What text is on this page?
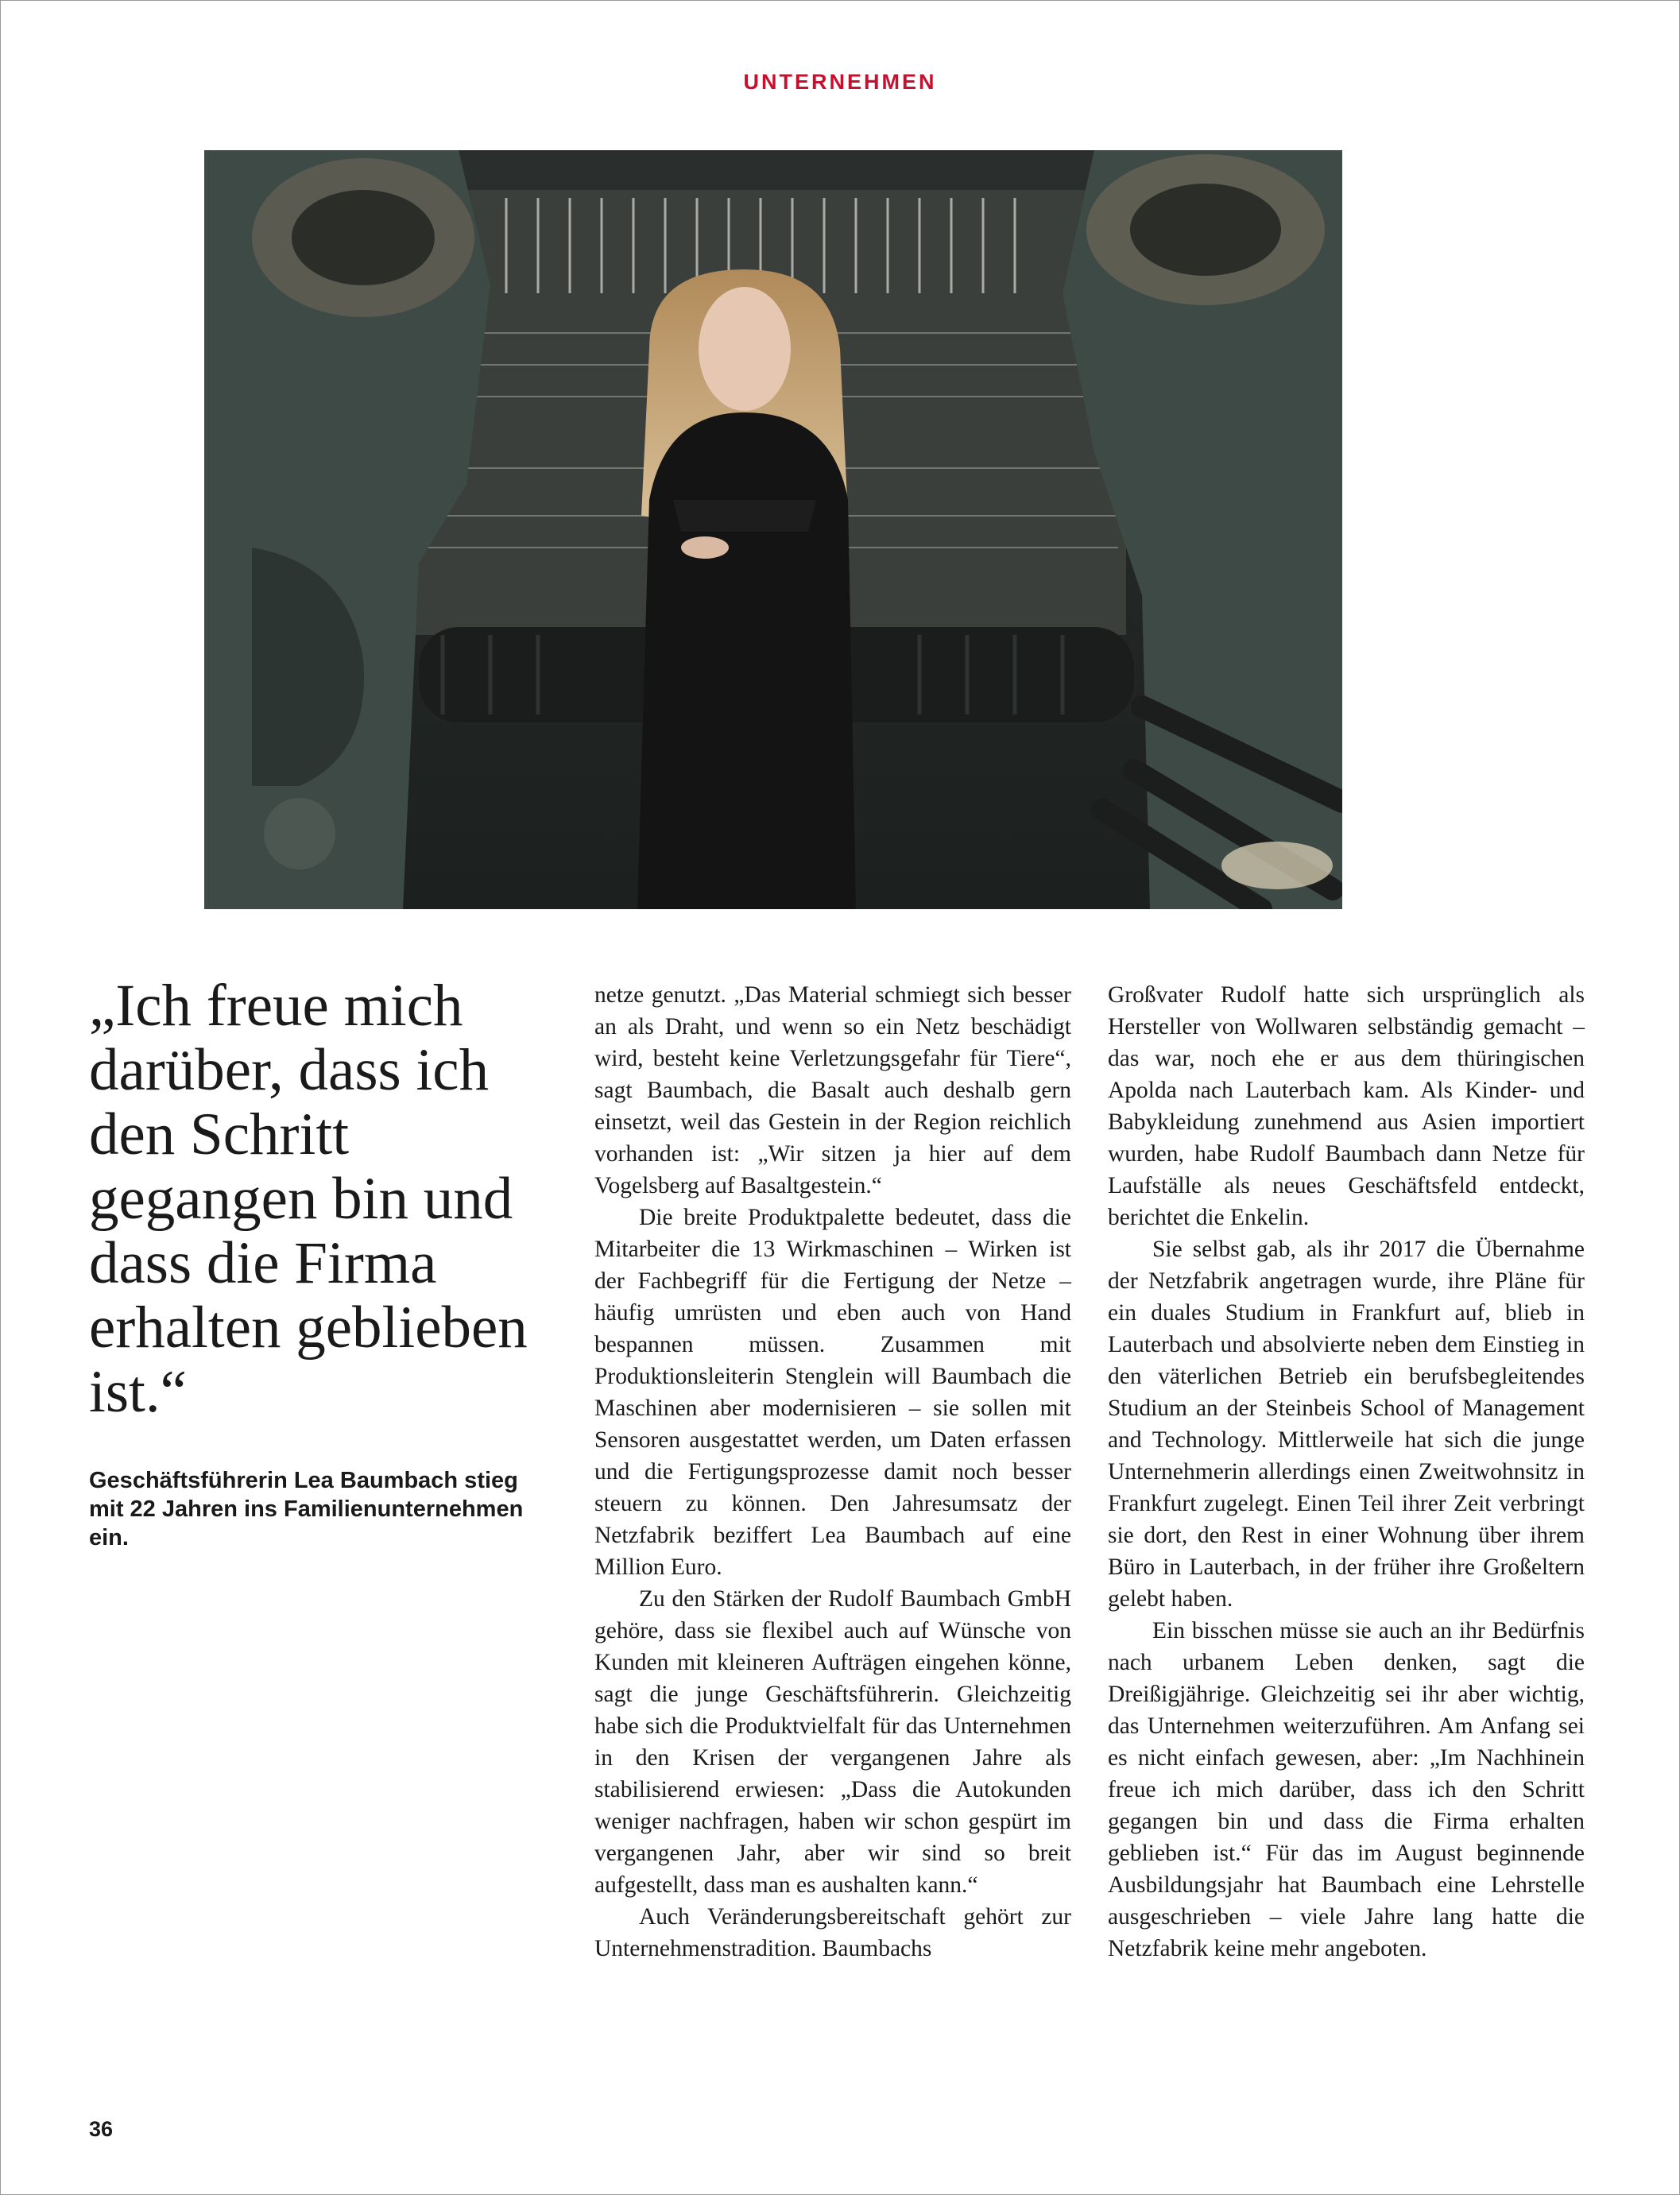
UNTERNEHMEN
„Ich freue mich darüber, dass ich den Schritt gegangen bin und dass die Firma erhalten geblieben ist.“
Geschäftsführerin Lea Baumbach stieg mit 22 Jahren ins Familienunternehmen ein.

netze genutzt. „Das Material schmiegt sich besser an als Draht, und wenn so ein Netz beschädigt wird, besteht keine Verletzungsgefahr für Tiere“, sagt Baumbach, die Basalt auch deshalb gern einsetzt, weil das Gestein in der Region reichlich vorhanden ist: „Wir sitzen ja hier auf dem Vogelsberg auf Basaltgestein.“

Die breite Produktpalette bedeutet, dass die Mitarbeiter die 13 Wirkmaschinen – Wirken ist der Fachbegriff für die Fertigung der Netze – häufig umrüsten und eben auch von Hand bespannen müssen. Zusammen mit Produktionsleiterin Stenglein will Baumbach die Maschinen aber modernisieren – sie sollen mit Sensoren ausgestattet werden, um Daten erfassen und die Fertigungsprozesse damit noch besser steuern zu können. Den Jahresumsatz der Netzfabrik beziffert Lea Baumbach auf eine Million Euro.

Zu den Stärken der Rudolf Baumbach GmbH gehöre, dass sie flexibel auch auf Wünsche von Kunden mit kleineren Aufträgen eingehen könne, sagt die junge Geschäftsführerin. Gleichzeitig habe sich die Produktvielfalt für das Unternehmen in den Krisen der vergangenen Jahre als stabilisierend erwiesen: „Dass die Autokunden weniger nachfragen, haben wir schon gespürt im vergangenen Jahr, aber wir sind so breit aufgestellt, dass man es aushalten kann.“

Auch Veränderungsbereitschaft gehört zur Unternehmenstradition. Baumbachs

Großvater Rudolf hatte sich ursprünglich als Hersteller von Wollwaren selbständig gemacht – das war, noch ehe er aus dem thüringischen Apolda nach Lauterbach kam. Als Kinder- und Babykleidung zunehmend aus Asien importiert wurden, habe Rudolf Baumbach dann Netze für Laufställe als neues Geschäftsfeld entdeckt, berichtet die Enkelin.

Sie selbst gab, als ihr 2017 die Übernahme der Netzfabrik angetragen wurde, ihre Pläne für ein duales Studium in Frankfurt auf, blieb in Lauterbach und absolvierte neben dem Einstieg in den väterlichen Betrieb ein berufsbegleitendes Studium an der Steinbeis School of Management and Technology. Mittlerweile hat sich die junge Unternehmerin allerdings einen Zweitwohnsitz in Frankfurt zugelegt. Einen Teil ihrer Zeit verbringt sie dort, den Rest in einer Wohnung über ihrem Büro in Lauterbach, in der früher ihre Großeltern gelebt haben.

Ein bisschen müsse sie auch an ihr Bedürfnis nach urbanem Leben denken, sagt die Dreißigjährige. Gleichzeitig sei ihr aber wichtig, das Unternehmen weiterzuführen. Am Anfang sei es nicht einfach gewesen, aber: „Im Nachhinein freue ich mich darüber, dass ich den Schritt gegangen bin und dass die Firma erhalten geblieben ist.“ Für das im August beginnende Ausbildungsjahr hat Baumbach eine Lehrstelle ausgeschrieben – viele Jahre lang hatte die Netzfabrik keine mehr angeboten.

36
